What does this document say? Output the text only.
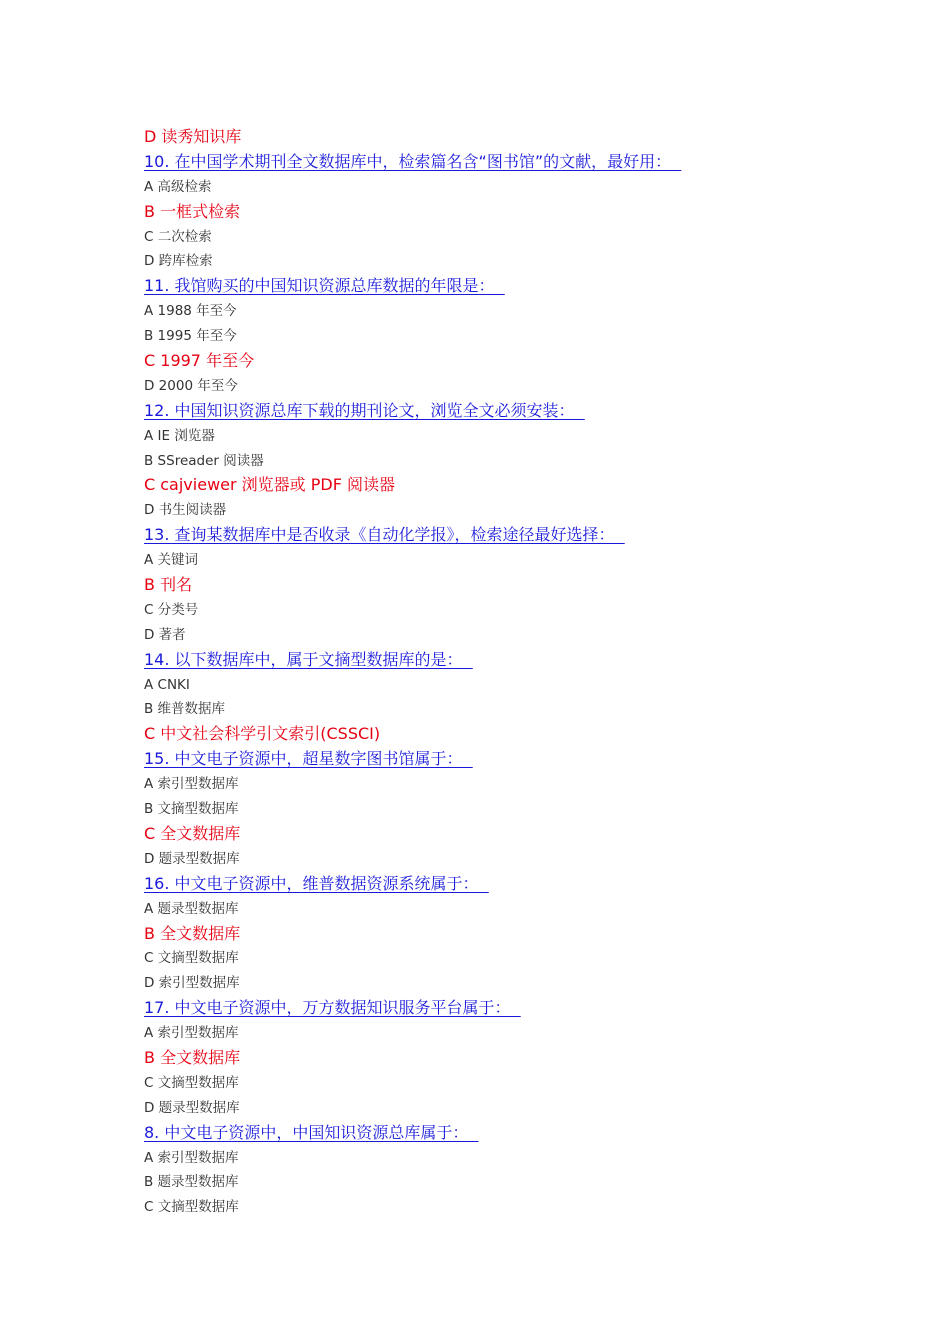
D 读秀知识库
10. 在中国学术期刊全文数据库中，检索篇名含“图书馆”的文献，最好用：
A 高级检索
B 一框式检索
C 二次检索
D 跨库检索
11. 我馆购买的中国知识资源总库数据的年限是：
A 1988 年至今
B 1995 年至今
C 1997 年至今
D 2000 年至今
12. 中国知识资源总库下载的期刊论文，浏览全文必须安装：
A IE 浏览器
B SSreader 阅读器
C cajviewer 浏览器或 PDF 阅读器
D 书生阅读器
13. 查询某数据库中是否收录《自动化学报》，检索途径最好选择：
A 关键词
B 刊名
C 分类号
D 著者
14. 以下数据库中，属于文摘型数据库的是：
A CNKI
B 维普数据库
C 中文社会科学引文索引(CSSCI)
15. 中文电子资源中，超星数字图书馆属于：
A 索引型数据库
B 文摘型数据库
C 全文数据库
D 题录型数据库
16. 中文电子资源中，维普数据资源系统属于：
A 题录型数据库
B 全文数据库
C 文摘型数据库
D 索引型数据库
17. 中文电子资源中，万方数据知识服务平台属于：
A 索引型数据库
B 全文数据库
C 文摘型数据库
D 题录型数据库
8. 中文电子资源中，中国知识资源总库属于：
A 索引型数据库
B 题录型数据库
C 文摘型数据库
